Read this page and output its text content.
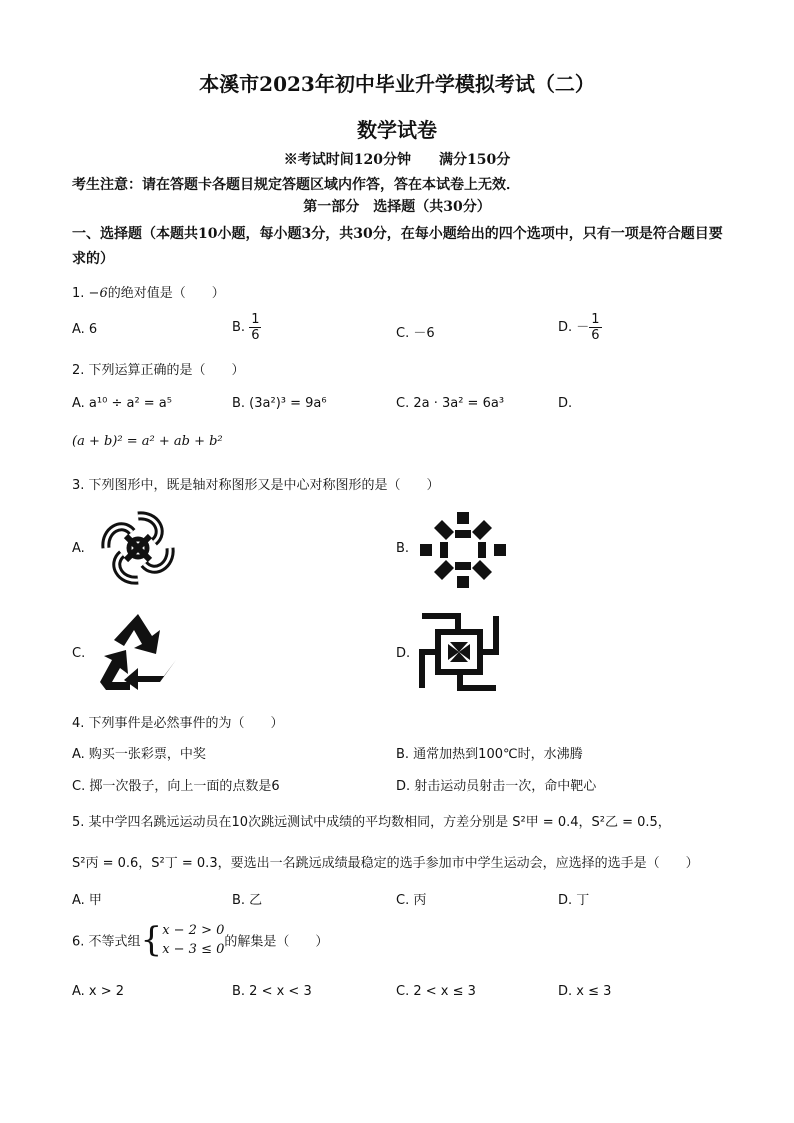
本溪市2023年初中毕业升学模拟考试（二）
数学试卷
※考试时间120分钟　　满分150分
考生注意：请在答题卡各题目规定答题区域内作答，答在本试卷上无效．
第一部分　选择题（共30分）
一、选择题（本题共10小题，每小题3分，共30分，在每小题给出的四个选项中，只有一项是符合题目要求的）
1. −6的绝对值是（　　）
A. 6	B. $\frac{1}{6}$	C. －6	D. － $\frac{1}{6}$
2. 下列运算正确的是（　　）
A. a¹⁰ ÷ a² = a⁵	B. (3a²)³ = 9a⁶	C. 2a · 3a² = 6a³	D.
(a + b)² = a² + ab + b²
3. 下列图形中，既是轴对称图形又是中心对称图形的是（　　）
A.	B.
C.	D.
4. 下列事件是必然事件的为（　　）
A. 购买一张彩票，中奖	B. 通常加热到100℃时，水沸腾
C. 掷一次骰子，向上一面的点数是6	D. 射击运动员射击一次，命中靶心
5. 某中学四名跳远运动员在10次跳远测试中成绩的平均数相同，方差分别是 S²甲 = 0.4，S²乙 = 0.5，
S²丙 = 0.6，S²丁 = 0.3，要选出一名跳远成绩最稳定的选手参加市中学生运动会，应选择的选手是（　　）
A. 甲	B. 乙	C. 丙	D. 丁
6. 不等式组 { x − 2 > 0
x − 3 ≤ 0 的解集是（　　）
A. x > 2	B. 2 < x < 3	C. 2 < x ≤ 3	D. x ≤ 3
